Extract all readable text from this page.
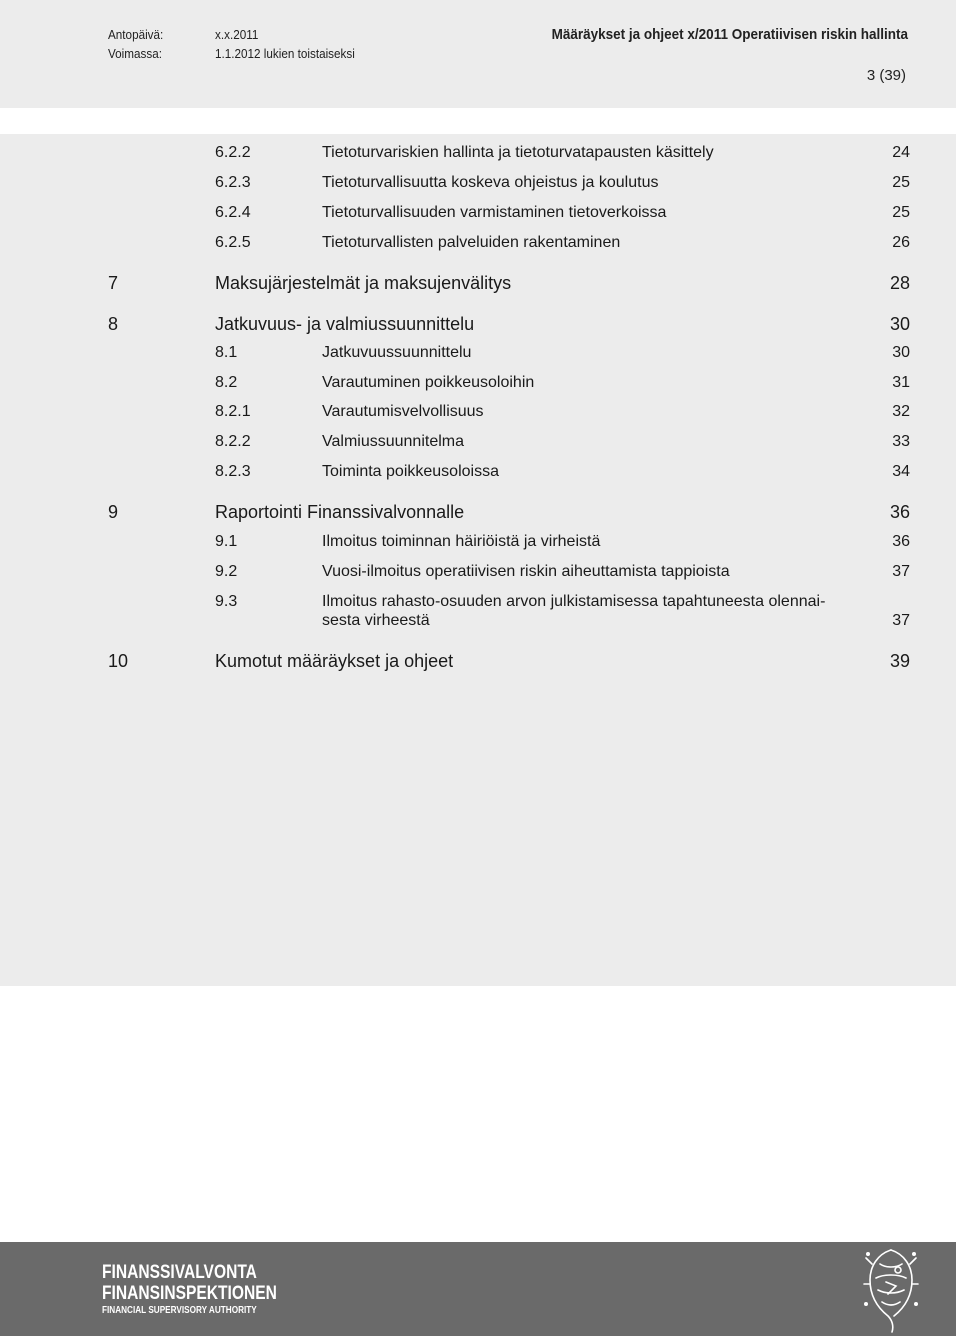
Antopäivä:	x.x.2011
Voimassa:	1.1.2012 lukien toistaiseksi
Määräykset ja ohjeet x/2011 Operatiivisen riskin hallinta
3 (39)
6.2.2	Tietoturvariskien hallinta ja tietoturvatapausten käsittely	24
6.2.3	Tietoturvallisuutta koskeva ohjeistus ja koulutus	25
6.2.4	Tietoturvallisuuden varmistaminen tietoverkoissa	25
6.2.5	Tietoturvallisten palveluiden rakentaminen	26
7	Maksujärjestelmät ja maksujenvälitys	28
8	Jatkuvuus- ja valmiussuunnittelu	30
8.1	Jatkuvuussuunnittelu	30
8.2	Varautuminen poikkeusoloihin	31
8.2.1	Varautumisvelvollisuus	32
8.2.2	Valmiussuunnitelma	33
8.2.3	Toiminta poikkeusoloissa	34
9	Raportointi Finanssivalvonnalle	36
9.1	Ilmoitus toiminnan häiriöistä ja virheistä	36
9.2	Vuosi-ilmoitus operatiivisen riskin aiheuttamista tappioista	37
9.3	Ilmoitus rahasto-osuuden arvon julkistamisessa tapahtuneesta olennai-
sesta virheestä	37
10	Kumotut määräykset ja ohjeet	39
FINANSSIVALVONTA
FINANSINSPEKTIONEN
FINANCIAL SUPERVISORY AUTHORITY
